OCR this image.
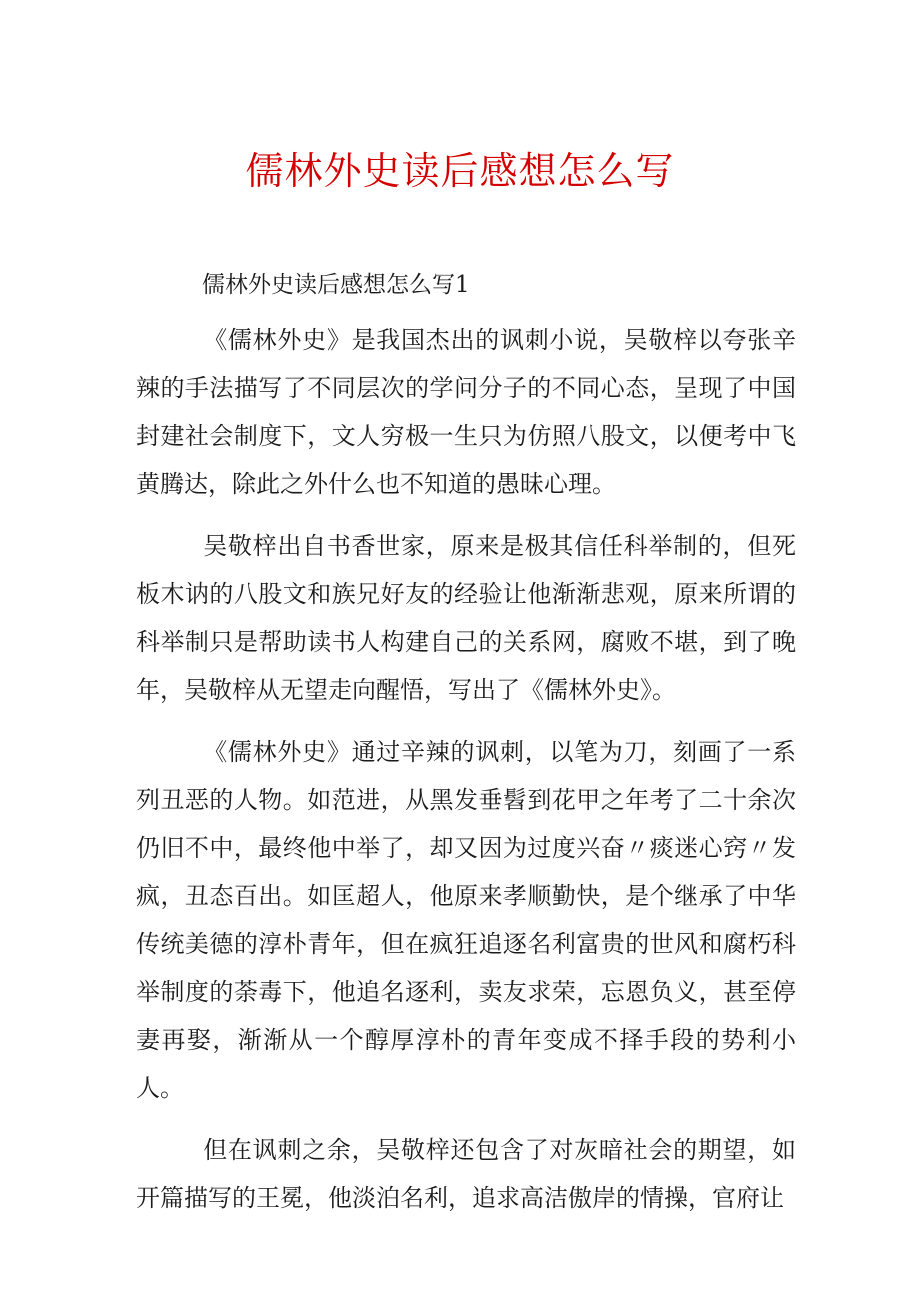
儒林外史读后感想怎么写

儒林外史读后感想怎么写1

《儒林外史》是我国杰出的讽刺小说，吴敬梓以夸张辛辣的手法描写了不同层次的学问分子的不同心态，呈现了中国封建社会制度下，文人穷极一生只为仿照八股文，以便考中飞黄腾达，除此之外什么也不知道的愚昧心理。

吴敬梓出自书香世家，原来是极其信任科举制的，但死板木讷的八股文和族兄好友的经验让他渐渐悲观，原来所谓的科举制只是帮助读书人构建自己的关系网，腐败不堪，到了晚年，吴敬梓从无望走向醒悟，写出了《儒林外史》。

《儒林外史》通过辛辣的讽刺，以笔为刀，刻画了一系列丑恶的人物。如范进，从黑发垂髫到花甲之年考了二十余次仍旧不中，最终他中举了，却又因为过度兴奋〃痰迷心窍〃发疯，丑态百出。如匡超人，他原来孝顺勤快，是个继承了中华传统美德的淳朴青年，但在疯狂追逐名利富贵的世风和腐朽科举制度的荼毒下，他追名逐利，卖友求荣，忘恩负义，甚至停妻再娶，渐渐从一个醇厚淳朴的青年变成不择手段的势利小人。

但在讽刺之余，吴敬梓还包含了对灰暗社会的期望，如开篇描写的王冕，他淡泊名利，追求高洁傲岸的情操，官府让
